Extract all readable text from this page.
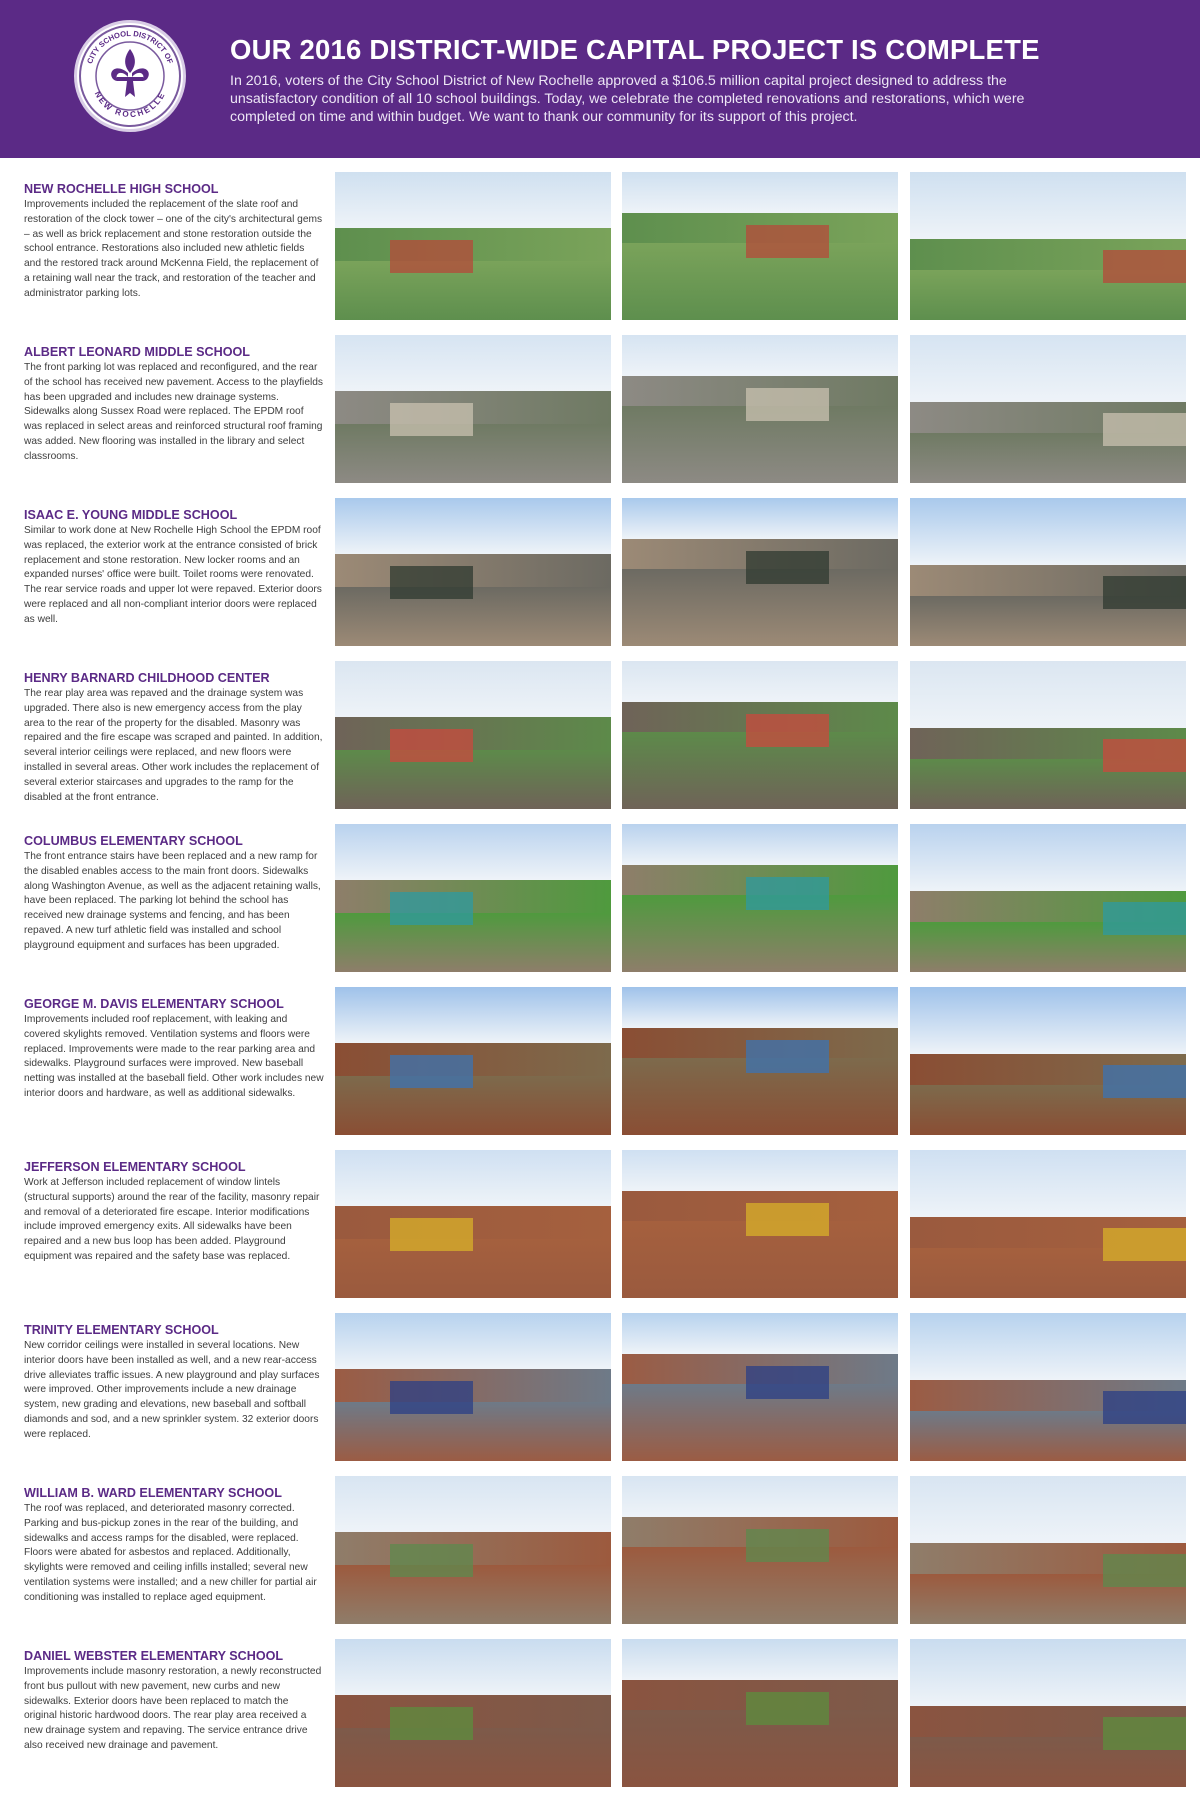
CITY SCHOOL DISTRICT OF
NEW ROCHELLE
OUR 2016 DISTRICT-WIDE CAPITAL PROJECT IS COMPLETE

In 2016, voters of the City School District of New Rochelle approved a $106.5 million capital project designed to address the unsatisfactory condition of all 10 school buildings. Today, we celebrate the completed renovations and restorations, which were completed on time and within budget. We want to thank our community for its support of this project.

NEW ROCHELLE HIGH SCHOOL

Improvements included the replacement of the slate roof and restoration of the clock tower – one of the city's architectural gems – as well as brick replacement and stone restoration outside the school entrance. Restorations also included new athletic fields and the restored track around McKenna Field, the replacement of a retaining wall near the track, and restoration of the teacher and administrator parking lots.

ALBERT LEONARD MIDDLE SCHOOL

The front parking lot was replaced and reconfigured, and the rear of the school has received new pavement. Access to the playfields has been upgraded and includes new drainage systems. Sidewalks along Sussex Road were replaced. The EPDM roof was replaced in select areas and reinforced structural roof framing was added. New flooring was installed in the library and select classrooms.

ISAAC E. YOUNG MIDDLE SCHOOL

Similar to work done at New Rochelle High School the EPDM roof was replaced, the exterior work at the entrance consisted of brick replacement and stone restoration. New locker rooms and an expanded nurses' office were built. Toilet rooms were renovated. The rear service roads and upper lot were repaved. Exterior doors were replaced and all non-compliant interior doors were replaced as well.

HENRY BARNARD CHILDHOOD CENTER

The rear play area was repaved and the drainage system was upgraded. There also is new emergency access from the play area to the rear of the property for the disabled. Masonry was repaired and the fire escape was scraped and painted. In addition, several interior ceilings were replaced, and new floors were installed in several areas. Other work includes the replacement of several exterior staircases and upgrades to the ramp for the disabled at the front entrance.

COLUMBUS ELEMENTARY SCHOOL

The front entrance stairs have been replaced and a new ramp for the disabled enables access to the main front doors. Sidewalks along Washington Avenue, as well as the adjacent retaining walls, have been replaced. The parking lot behind the school has received new drainage systems and fencing, and has been repaved. A new turf athletic field was installed and school playground equipment and surfaces has been upgraded.

GEORGE M. DAVIS ELEMENTARY SCHOOL

Improvements included roof replacement, with leaking and covered skylights removed. Ventilation systems and floors were replaced. Improvements were made to the rear parking area and sidewalks. Playground surfaces were improved. New baseball netting was installed at the baseball field. Other work includes new interior doors and hardware, as well as additional sidewalks.

JEFFERSON ELEMENTARY SCHOOL

Work at Jefferson included replacement of window lintels (structural supports) around the rear of the facility, masonry repair and removal of a deteriorated fire escape. Interior modifications include improved emergency exits. All sidewalks have been repaired and a new bus loop has been added. Playground equipment was repaired and the safety base was replaced.

TRINITY ELEMENTARY SCHOOL

New corridor ceilings were installed in several locations. New interior doors have been installed as well, and a new rear-access drive alleviates traffic issues. A new playground and play surfaces were improved. Other improvements include a new drainage system, new grading and elevations, new baseball and softball diamonds and sod, and a new sprinkler system. 32 exterior doors were replaced.

WILLIAM B. WARD ELEMENTARY SCHOOL

The roof was replaced, and deteriorated masonry corrected. Parking and bus-pickup zones in the rear of the building, and sidewalks and access ramps for the disabled, were replaced. Floors were abated for asbestos and replaced. Additionally, skylights were removed and ceiling infills installed; several new ventilation systems were installed; and a new chiller for partial air conditioning was installed to replace aged equipment.

DANIEL WEBSTER ELEMENTARY SCHOOL

Improvements include masonry restoration, a newly reconstructed front bus pullout with new pavement, new curbs and new sidewalks. Exterior doors have been replaced to match the original historic hardwood doors. The rear play area received a new drainage system and repaving. The service entrance drive also received new drainage and pavement.
